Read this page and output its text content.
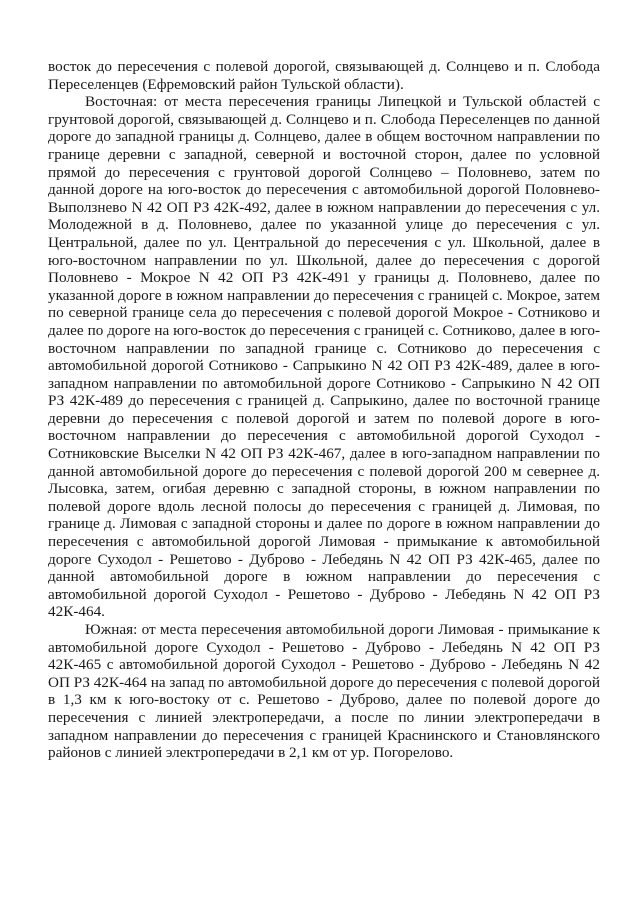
восток до пересечения с полевой дорогой, связывающей д. Солнцево и п. Слобода Переселенцев (Ефремовский район Тульской области).

Восточная: от места пересечения границы Липецкой и Тульской областей с грунтовой дорогой, связывающей д. Солнцево и п. Слобода Переселенцев по данной дороге до западной границы д. Солнцево, далее в общем восточном направлении по границе деревни с западной, северной и восточной сторон, далее по условной прямой до пересечения с грунтовой дорогой Солнцево – Половнево, затем по данной дороге на юго-восток до пересечения с автомобильной дорогой Половнево- Выползнево N 42 ОП РЗ 42К-492, далее в южном направлении до пересечения с ул. Молодежной в д. Половнево, далее по указанной улице до пересечения с ул. Центральной, далее по ул. Центральной до пересечения с ул. Школьной, далее в юго-восточном направлении по ул. Школьной, далее до пересечения с дорогой Половнево - Мокрое N 42 ОП РЗ 42К-491 у границы д. Половнево, далее по указанной дороге в южном направлении до пересечения с границей с. Мокрое, затем по северной границе села до пересечения с полевой дорогой Мокрое - Сотниково и далее по дороге на юго-восток до пересечения с границей с. Сотниково, далее в юго-восточном направлении по западной границе с. Сотниково до пересечения с автомобильной дорогой Сотниково - Сапрыкино N 42 ОП РЗ 42К-489, далее в юго-западном направлении по автомобильной дороге Сотниково - Сапрыкино N 42 ОП РЗ 42К-489 до пересечения с границей д. Сапрыкино, далее по восточной границе деревни до пересечения с полевой дорогой и затем по полевой дороге в юго-восточном направлении до пересечения с автомобильной дорогой Суходол - Сотниковские Выселки N 42 ОП РЗ 42К-467, далее в юго-западном направлении по данной автомобильной дороге до пересечения с полевой дорогой 200 м севернее д. Лысовка, затем, огибая деревню с западной стороны, в южном направлении по полевой дороге вдоль лесной полосы до пересечения с границей д. Лимовая, по границе д. Лимовая с западной стороны и далее по дороге в южном направлении до пересечения с автомобильной дорогой Лимовая - примыкание к автомобильной дороге Суходол - Решетово - Дуброво - Лебедянь N 42 ОП РЗ 42К-465, далее по данной автомобильной дороге в южном направлении до пересечения с автомобильной дорогой Суходол - Решетово - Дуброво - Лебедянь N 42 ОП РЗ 42К-464.

Южная: от места пересечения автомобильной дороги Лимовая - примыкание к автомобильной дороге Суходол - Решетово - Дуброво - Лебедянь N 42 ОП РЗ 42К-465 с автомобильной дорогой Суходол - Решетово - Дуброво - Лебедянь N 42 ОП РЗ 42К-464 на запад по автомобильной дороге до пересечения с полевой дорогой в 1,3 км к юго-востоку от с. Решетово - Дуброво, далее по полевой дороге до пересечения с линией электропередачи, а после по линии электропередачи в западном направлении до пересечения с границей Краснинского и Становлянского районов с линией электропередачи в 2,1 км от ур. Погорелово.
